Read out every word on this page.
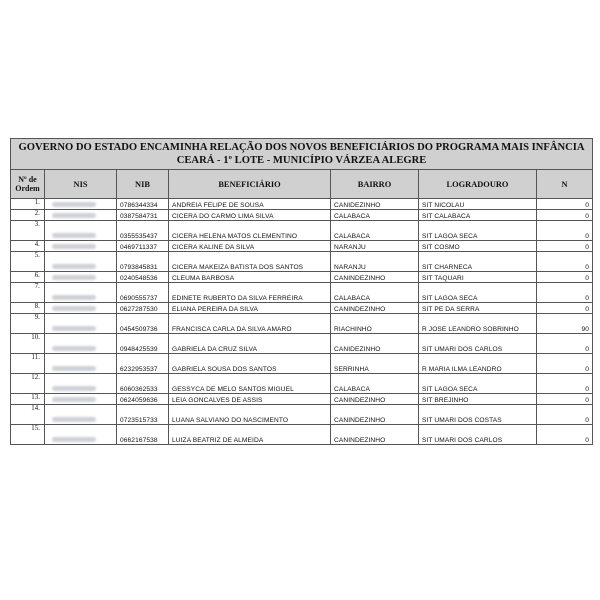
GOVERNO DO ESTADO ENCAMINHA RELAÇÃO DOS NOVOS BENEFICIÁRIOS DO PROGRAMA MAIS INFÂNCIA
CEARÁ - 1º LOTE - MUNICÍPIO VÁRZEA ALEGRE						

Nº de
Ordem	NIS	NIB	BENEFICIÁRIO	BAIRRO	LOGRADOURO	N
1.		0786344334	ANDREIA FELIPE DE SOUSA	CANIDEZINHO	SIT NICOLAU	0
2.		0387584731	CICERA DO CARMO LIMA SILVA	CALABACA	SIT CALABACA	0
3.		0355535437	CICERA HELENA MATOS CLEMENTINO	CALABACA	SIT LAGOA SECA	0
4.		0469711337	CICERA KALINE DA SILVA	NARANJU	SIT COSMO	0
5.		0793845831	CICERA MAKEIZA BATISTA DOS SANTOS	NARANJU	SIT CHARNECA	0
6.		0240548536	CLEUMA BARBOSA	CANINDEZINHO	SIT TAQUARI	0
7.		0690555737	EDINETE RUBERTO DA SILVA FERREIRA	CALABACA	SIT LAGOA SECA	0
8.		0627287530	ELIANA PEREIRA DA SILVA	CANINDEZINHO	SIT PE DA SERRA	0
9.		0454509736	FRANCISCA CARLA DA SILVA AMARO	RIACHINHO	R JOSE LEANDRO SOBRINHO	90
10.		0948425539	GABRIELA DA CRUZ SILVA	CANIDEZINHO	SIT UMARI DOS CARLOS	0
11.		6232953537	GABRIELA SOUSA DOS SANTOS	SERRINHA	R MARIA ILMA LEANDRO	0
12.		6060362533	GESSYCA DE MELO SANTOS MIGUEL	CALABACA	SIT LAGOA SECA	0
13.		0624059636	LEIA GONCALVES DE ASSIS	CANINDEZINHO	SIT BREJINHO	0
14.		0723515733	LUANA SALVIANO DO NASCIMENTO	CANINDEZINHO	SIT UMARI DOS COSTAS	0
15.		0662167538	LUIZA BEATRIZ DE ALMEIDA	CANINDEZINHO	SIT UMARI DOS CARLOS	0
